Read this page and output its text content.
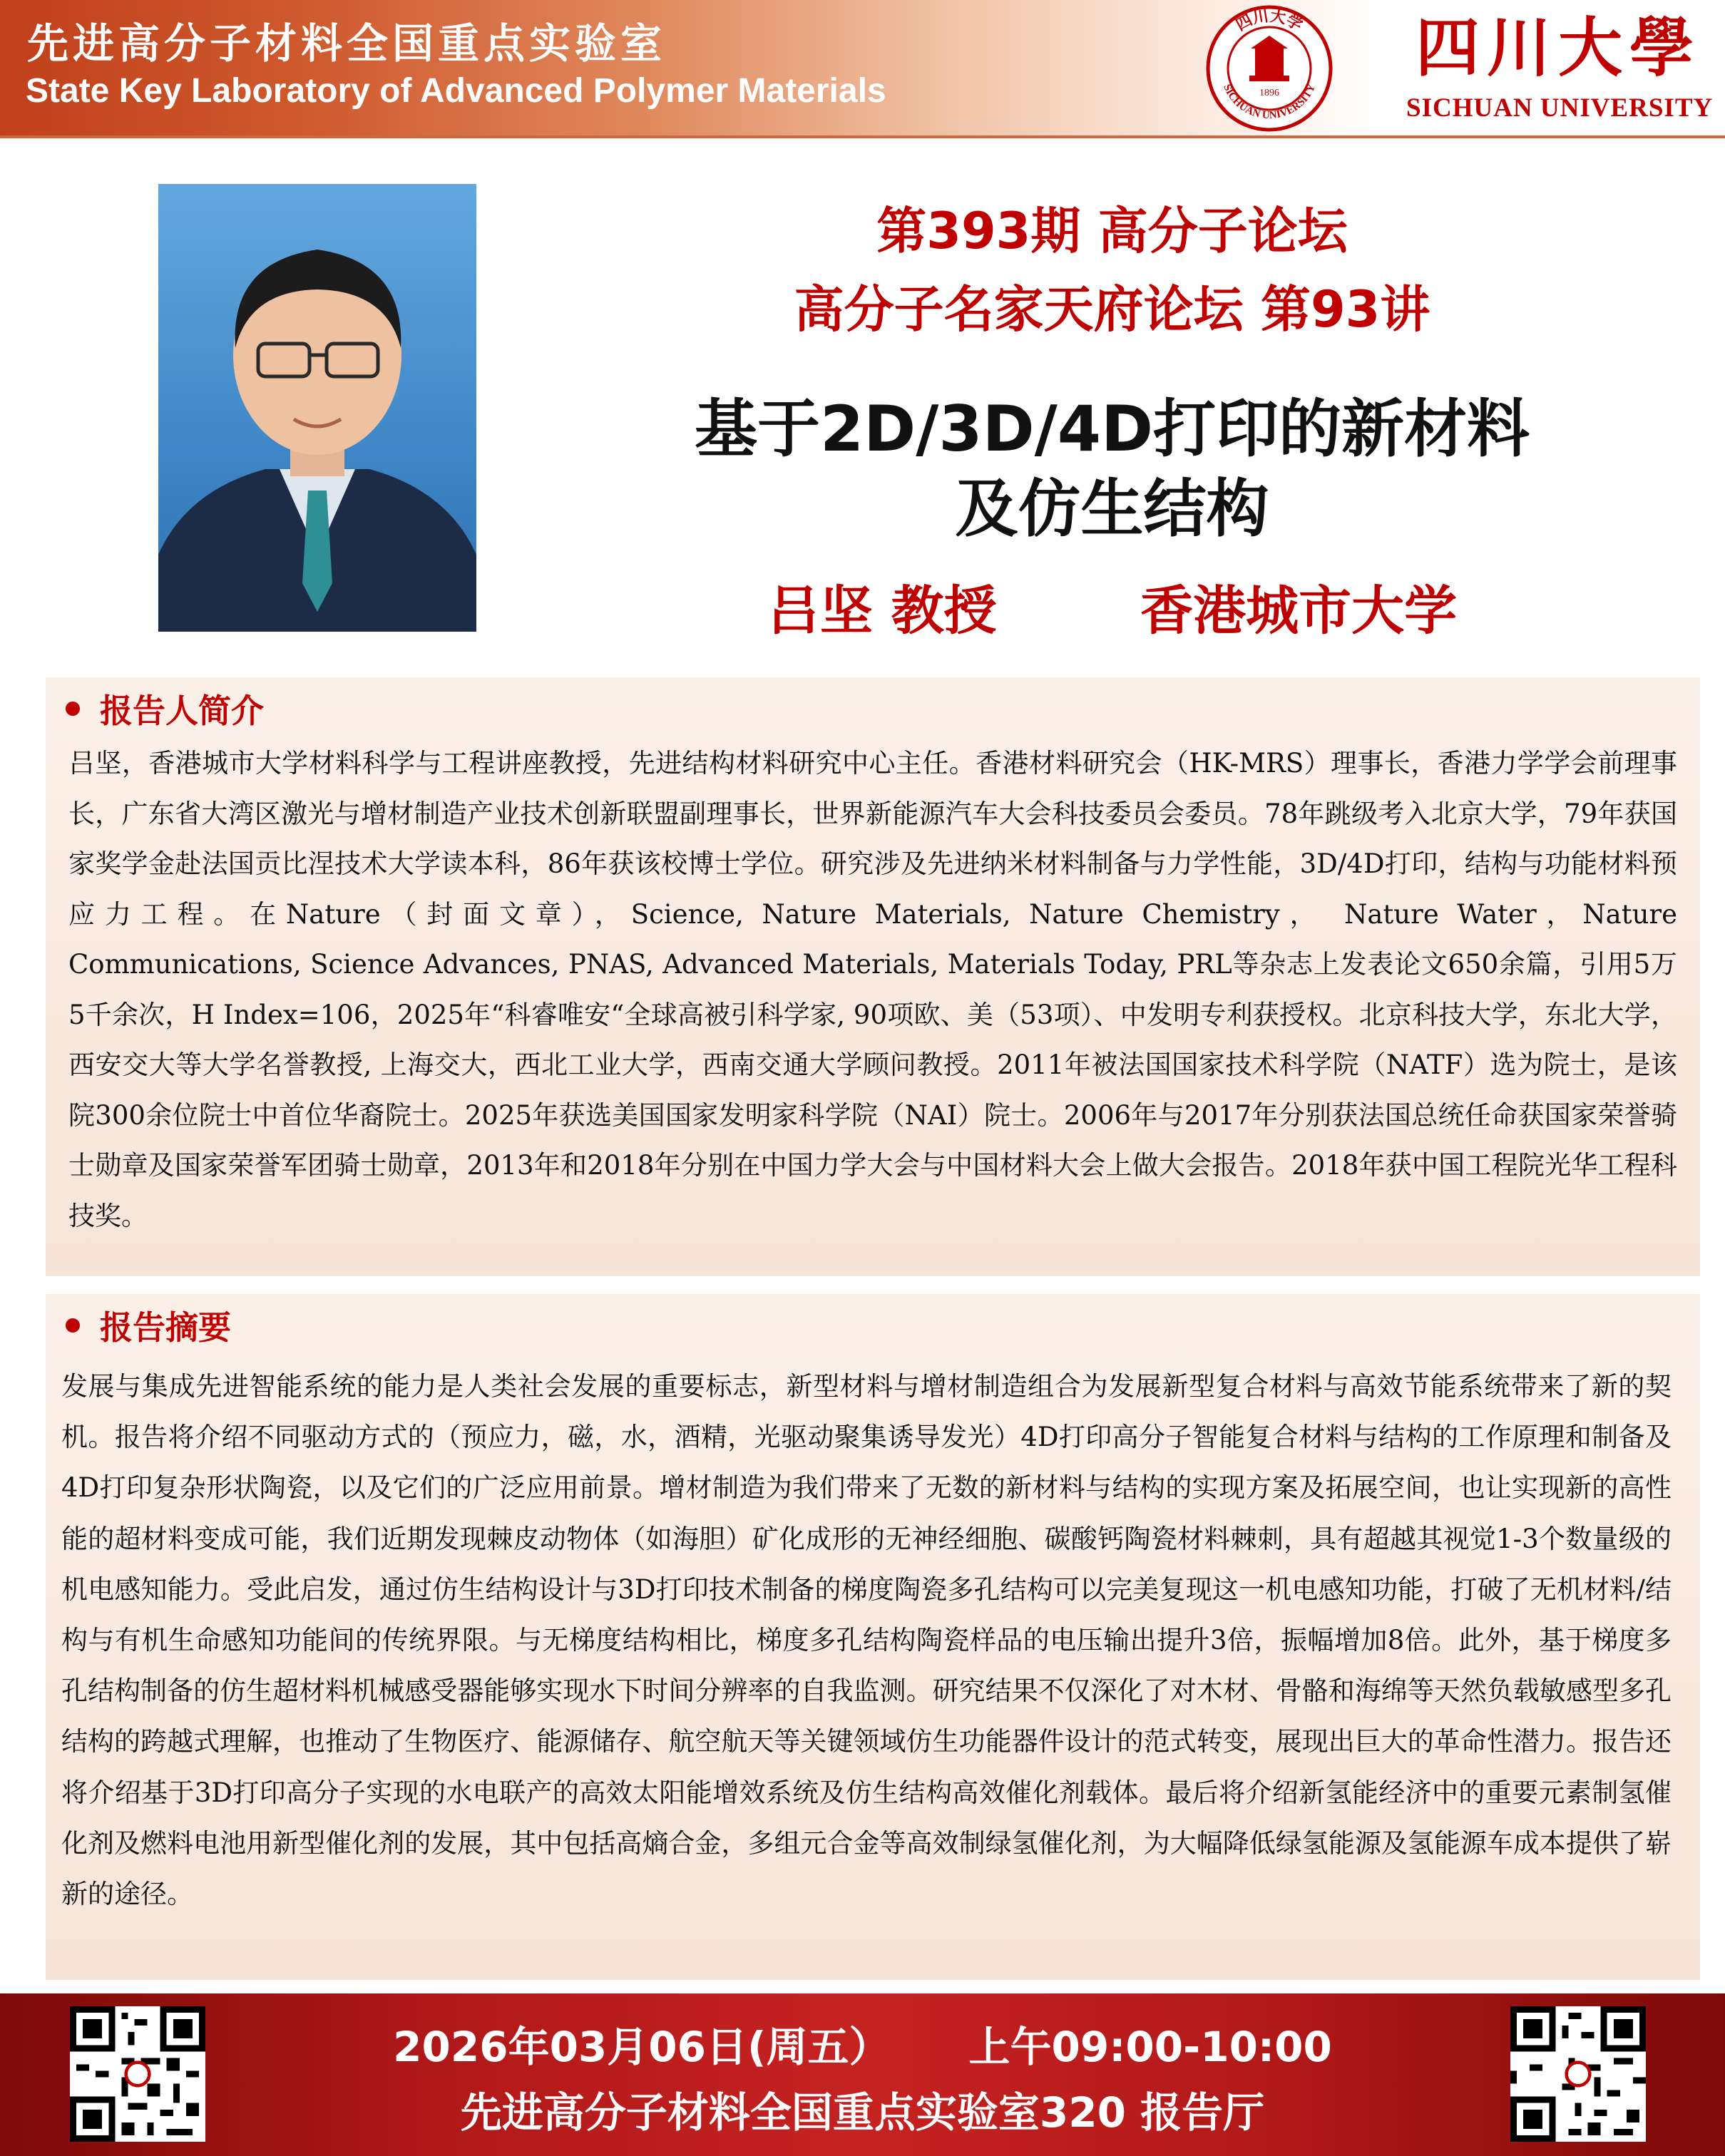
先进高分子材料全国重点实验室
State Key Laboratory of Advanced Polymer Materials
四川大学
SICHUAN UNIVERSITY
1896
四川大學
SICHUAN UNIVERSITY
第393期 高分子论坛
高分子名家天府论坛 第93讲
基于2D/3D/4D打印的新材料
及仿生结构
吕坚 教授	香港城市大学
报告人简介
吕坚，香港城市大学材料科学与工程讲座教授，先进结构材料研究中心主任。香港材料研究会（HK-MRS）理事长，香港力学学会前理事长，广东省大湾区激光与增材制造产业技术创新联盟副理事长，世界新能源汽车大会科技委员会委员。78年跳级考入北京大学，79年获国家奖学金赴法国贡比涅技术大学读本科，86年获该校博士学位。研究涉及先进纳米材料制备与力学性能，3D/4D打印，结构与功能材料预应力工程。在Nature（封面文章），Science, Nature Materials, Nature Chemistry， Nature Water，Nature Communications, Science Advances, PNAS, Advanced Materials, Materials Today, PRL等杂志上发表论文650余篇，引用5万5千余次，H Index=106，2025年“科睿唯安“全球高被引科学家, 90项欧、美（53项）、中发明专利获授权。北京科技大学，东北大学，西安交大等大学名誉教授, 上海交大，西北工业大学，西南交通大学顾问教授。2011年被法国国家技术科学院（NATF）选为院士，是该院300余位院士中首位华裔院士。2025年获选美国国家发明家科学院（NAI）院士。2006年与2017年分别获法国总统任命获国家荣誉骑士勋章及国家荣誉军团骑士勋章，2013年和2018年分别在中国力学大会与中国材料大会上做大会报告。2018年获中国工程院光华工程科技奖。
报告摘要
发展与集成先进智能系统的能力是人类社会发展的重要标志，新型材料与增材制造组合为发展新型复合材料与高效节能系统带来了新的契机。报告将介绍不同驱动方式的（预应力，磁，水，酒精，光驱动聚集诱导发光）4D打印高分子智能复合材料与结构的工作原理和制备及4D打印复杂形状陶瓷，以及它们的广泛应用前景。增材制造为我们带来了无数的新材料与结构的实现方案及拓展空间，也让实现新的高性能的超材料变成可能，我们近期发现棘皮动物体（如海胆）矿化成形的无神经细胞、碳酸钙陶瓷材料棘刺，具有超越其视觉1-3个数量级的机电感知能力。受此启发，通过仿生结构设计与3D打印技术制备的梯度陶瓷多孔结构可以完美复现这一机电感知功能，打破了无机材料/结构与有机生命感知功能间的传统界限。与无梯度结构相比，梯度多孔结构陶瓷样品的电压输出提升3倍，振幅增加8倍。此外，基于梯度多孔结构制备的仿生超材料机械感受器能够实现水下时间分辨率的自我监测。研究结果不仅深化了对木材、骨骼和海绵等天然负载敏感型多孔结构的跨越式理解，也推动了生物医疗、能源储存、航空航天等关键领域仿生功能器件设计的范式转变，展现出巨大的革命性潜力。报告还将介绍基于3D打印高分子实现的水电联产的高效太阳能增效系统及仿生结构高效催化剂载体。最后将介绍新氢能经济中的重要元素制氢催化剂及燃料电池用新型催化剂的发展，其中包括高熵合金，多组元合金等高效制绿氢催化剂，为大幅降低绿氢能源及氢能源车成本提供了崭新的途径。
2026年03月06日(周五） 上午09:00-10:00
先进高分子材料全国重点实验室320 报告厅
